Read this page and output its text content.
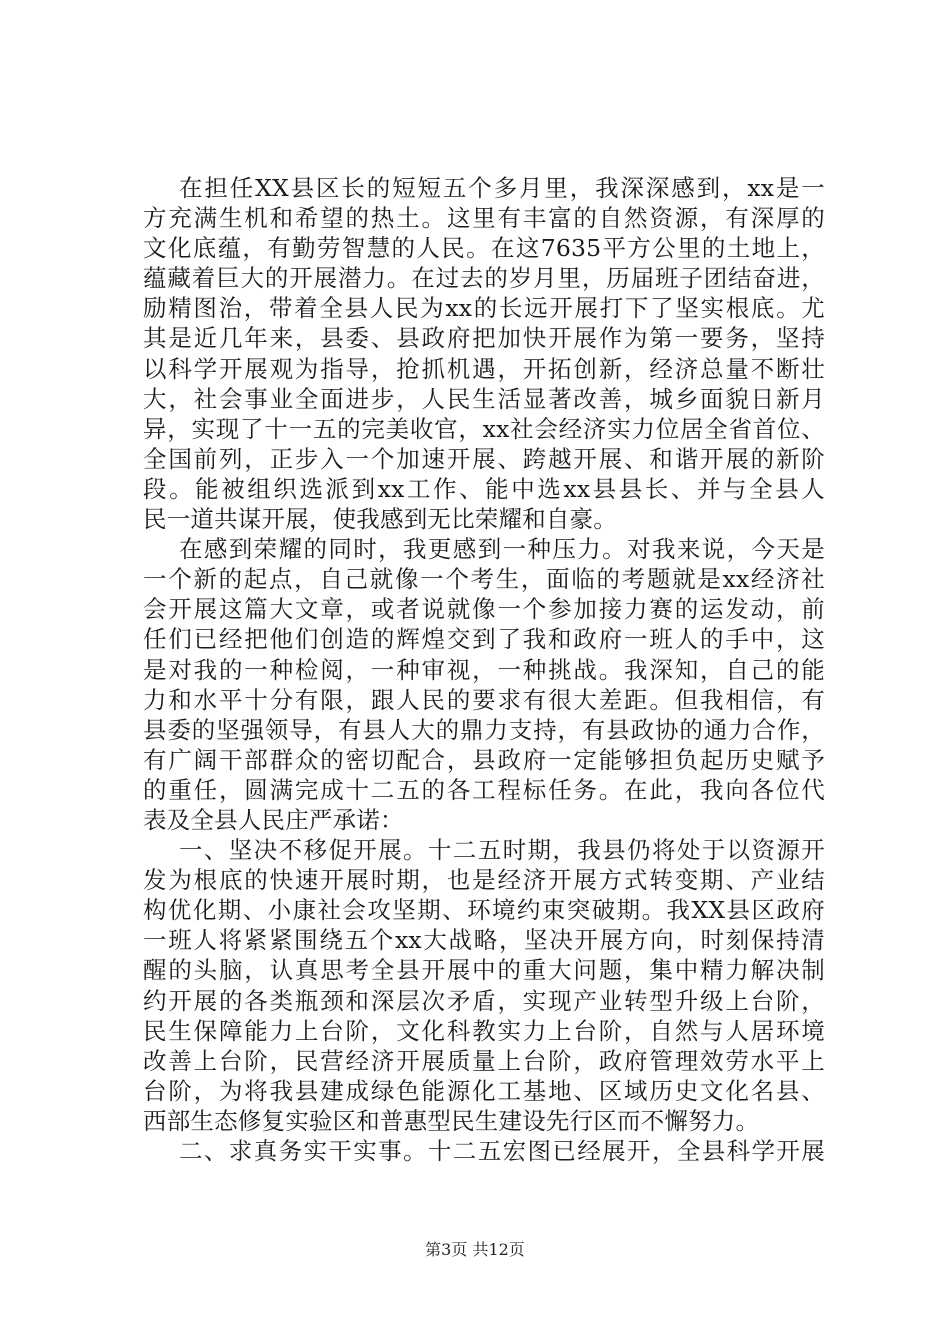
在担任XX县区长的短短五个多月里，我深深感到，xx是一
方充满生机和希望的热土。这里有丰富的自然资源，有深厚的
文化底蕴，有勤劳智慧的人民。在这7635平方公里的土地上，
蕴藏着巨大的开展潜力。在过去的岁月里，历届班子团结奋进，
励精图治，带着全县人民为xx的长远开展打下了坚实根底。尤
其是近几年来，县委、县政府把加快开展作为第一要务，坚持
以科学开展观为指导，抢抓机遇，开拓创新，经济总量不断壮
大，社会事业全面进步，人民生活显著改善，城乡面貌日新月
异，实现了十一五的完美收官，xx社会经济实力位居全省首位、
全国前列，正步入一个加速开展、跨越开展、和谐开展的新阶
段。能被组织选派到xx工作、能中选xx县县长、并与全县人
民一道共谋开展，使我感到无比荣耀和自豪。
在感到荣耀的同时，我更感到一种压力。对我来说，今天是
一个新的起点，自己就像一个考生，面临的考题就是xx经济社
会开展这篇大文章，或者说就像一个参加接力赛的运发动，前
任们已经把他们创造的辉煌交到了我和政府一班人的手中，这
是对我的一种检阅，一种审视，一种挑战。我深知，自己的能
力和水平十分有限，跟人民的要求有很大差距。但我相信，有
县委的坚强领导，有县人大的鼎力支持，有县政协的通力合作，
有广阔干部群众的密切配合，县政府一定能够担负起历史赋予
的重任，圆满完成十二五的各工程标任务。在此，我向各位代
表及全县人民庄严承诺：
一、坚决不移促开展。十二五时期，我县仍将处于以资源开
发为根底的快速开展时期，也是经济开展方式转变期、产业结
构优化期、小康社会攻坚期、环境约束突破期。我XX县区政府
一班人将紧紧围绕五个xx大战略，坚决开展方向，时刻保持清
醒的头脑，认真思考全县开展中的重大问题，集中精力解决制
约开展的各类瓶颈和深层次矛盾，实现产业转型升级上台阶，
民生保障能力上台阶，文化科教实力上台阶，自然与人居环境
改善上台阶，民营经济开展质量上台阶，政府管理效劳水平上
台阶，为将我县建成绿色能源化工基地、区域历史文化名县、
西部生态修复实验区和普惠型民生建设先行区而不懈努力。
二、求真务实干实事。十二五宏图已经展开，全县科学开展
第3页 共12页
